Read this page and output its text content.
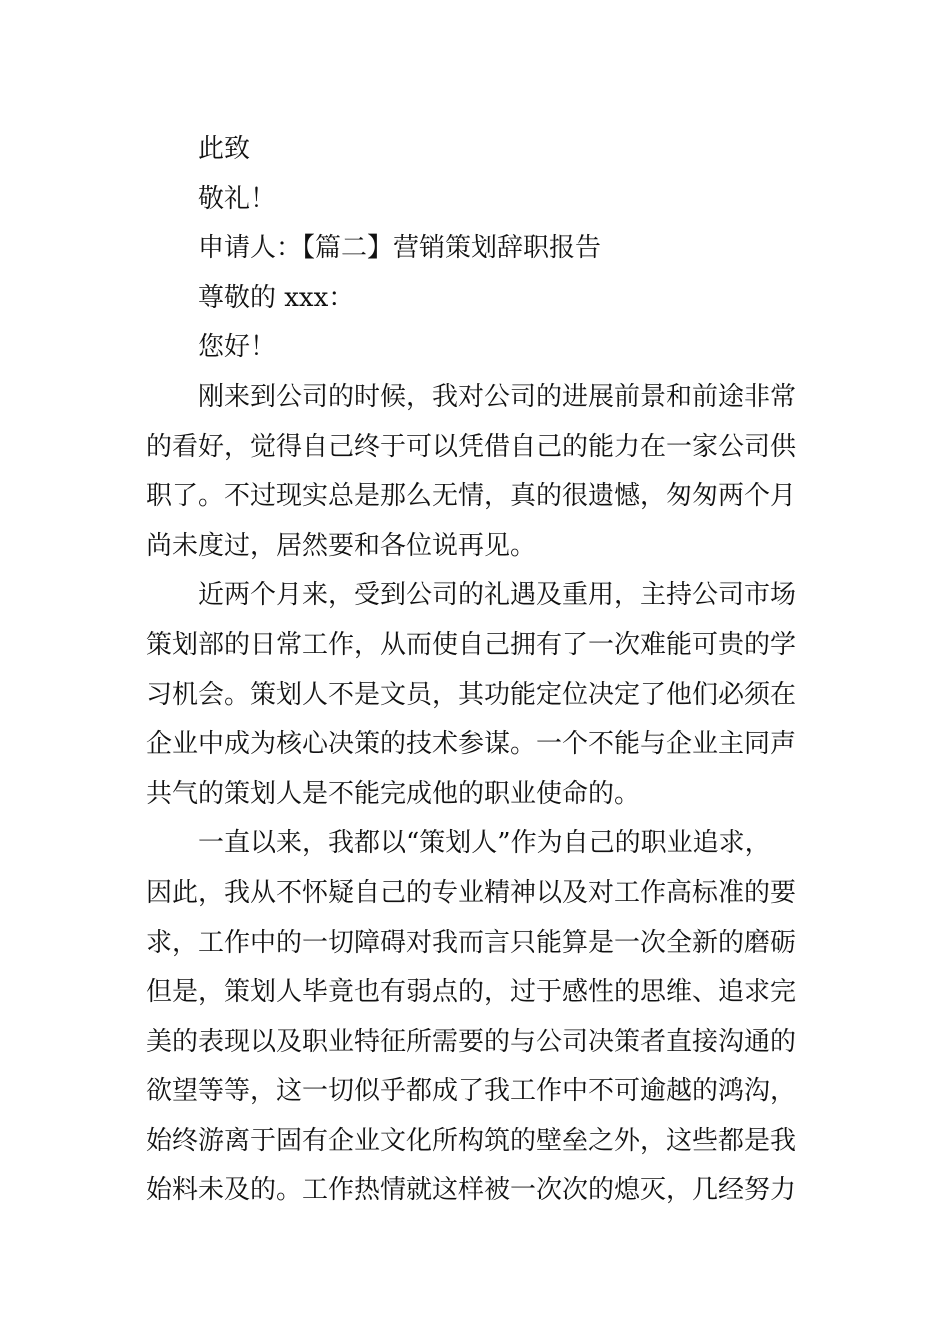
此致
敬礼！
申请人：【篇二】营销策划辞职报告
尊敬的 xxx：
您好！
刚来到公司的时候，我对公司的进展前景和前途非常
的看好，觉得自己终于可以凭借自己的能力在一家公司供
职了。不过现实总是那么无情，真的很遗憾，匆匆两个月
尚未度过，居然要和各位说再见。
近两个月来，受到公司的礼遇及重用，主持公司市场
策划部的日常工作，从而使自己拥有了一次难能可贵的学
习机会。策划人不是文员，其功能定位决定了他们必须在
企业中成为核心决策的技术参谋。一个不能与企业主同声
共气的策划人是不能完成他的职业使命的。
一直以来，我都以“策划人”作为自己的职业追求，
因此，我从不怀疑自己的专业精神以及对工作高标准的要
求，工作中的一切障碍对我而言只能算是一次全新的磨砺
但是，策划人毕竟也有弱点的，过于感性的思维、追求完
美的表现以及职业特征所需要的与公司决策者直接沟通的
欲望等等，这一切似乎都成了我工作中不可逾越的鸿沟，
始终游离于固有企业文化所构筑的壁垒之外，这些都是我
始料未及的。工作热情就这样被一次次的熄灭，几经努力
